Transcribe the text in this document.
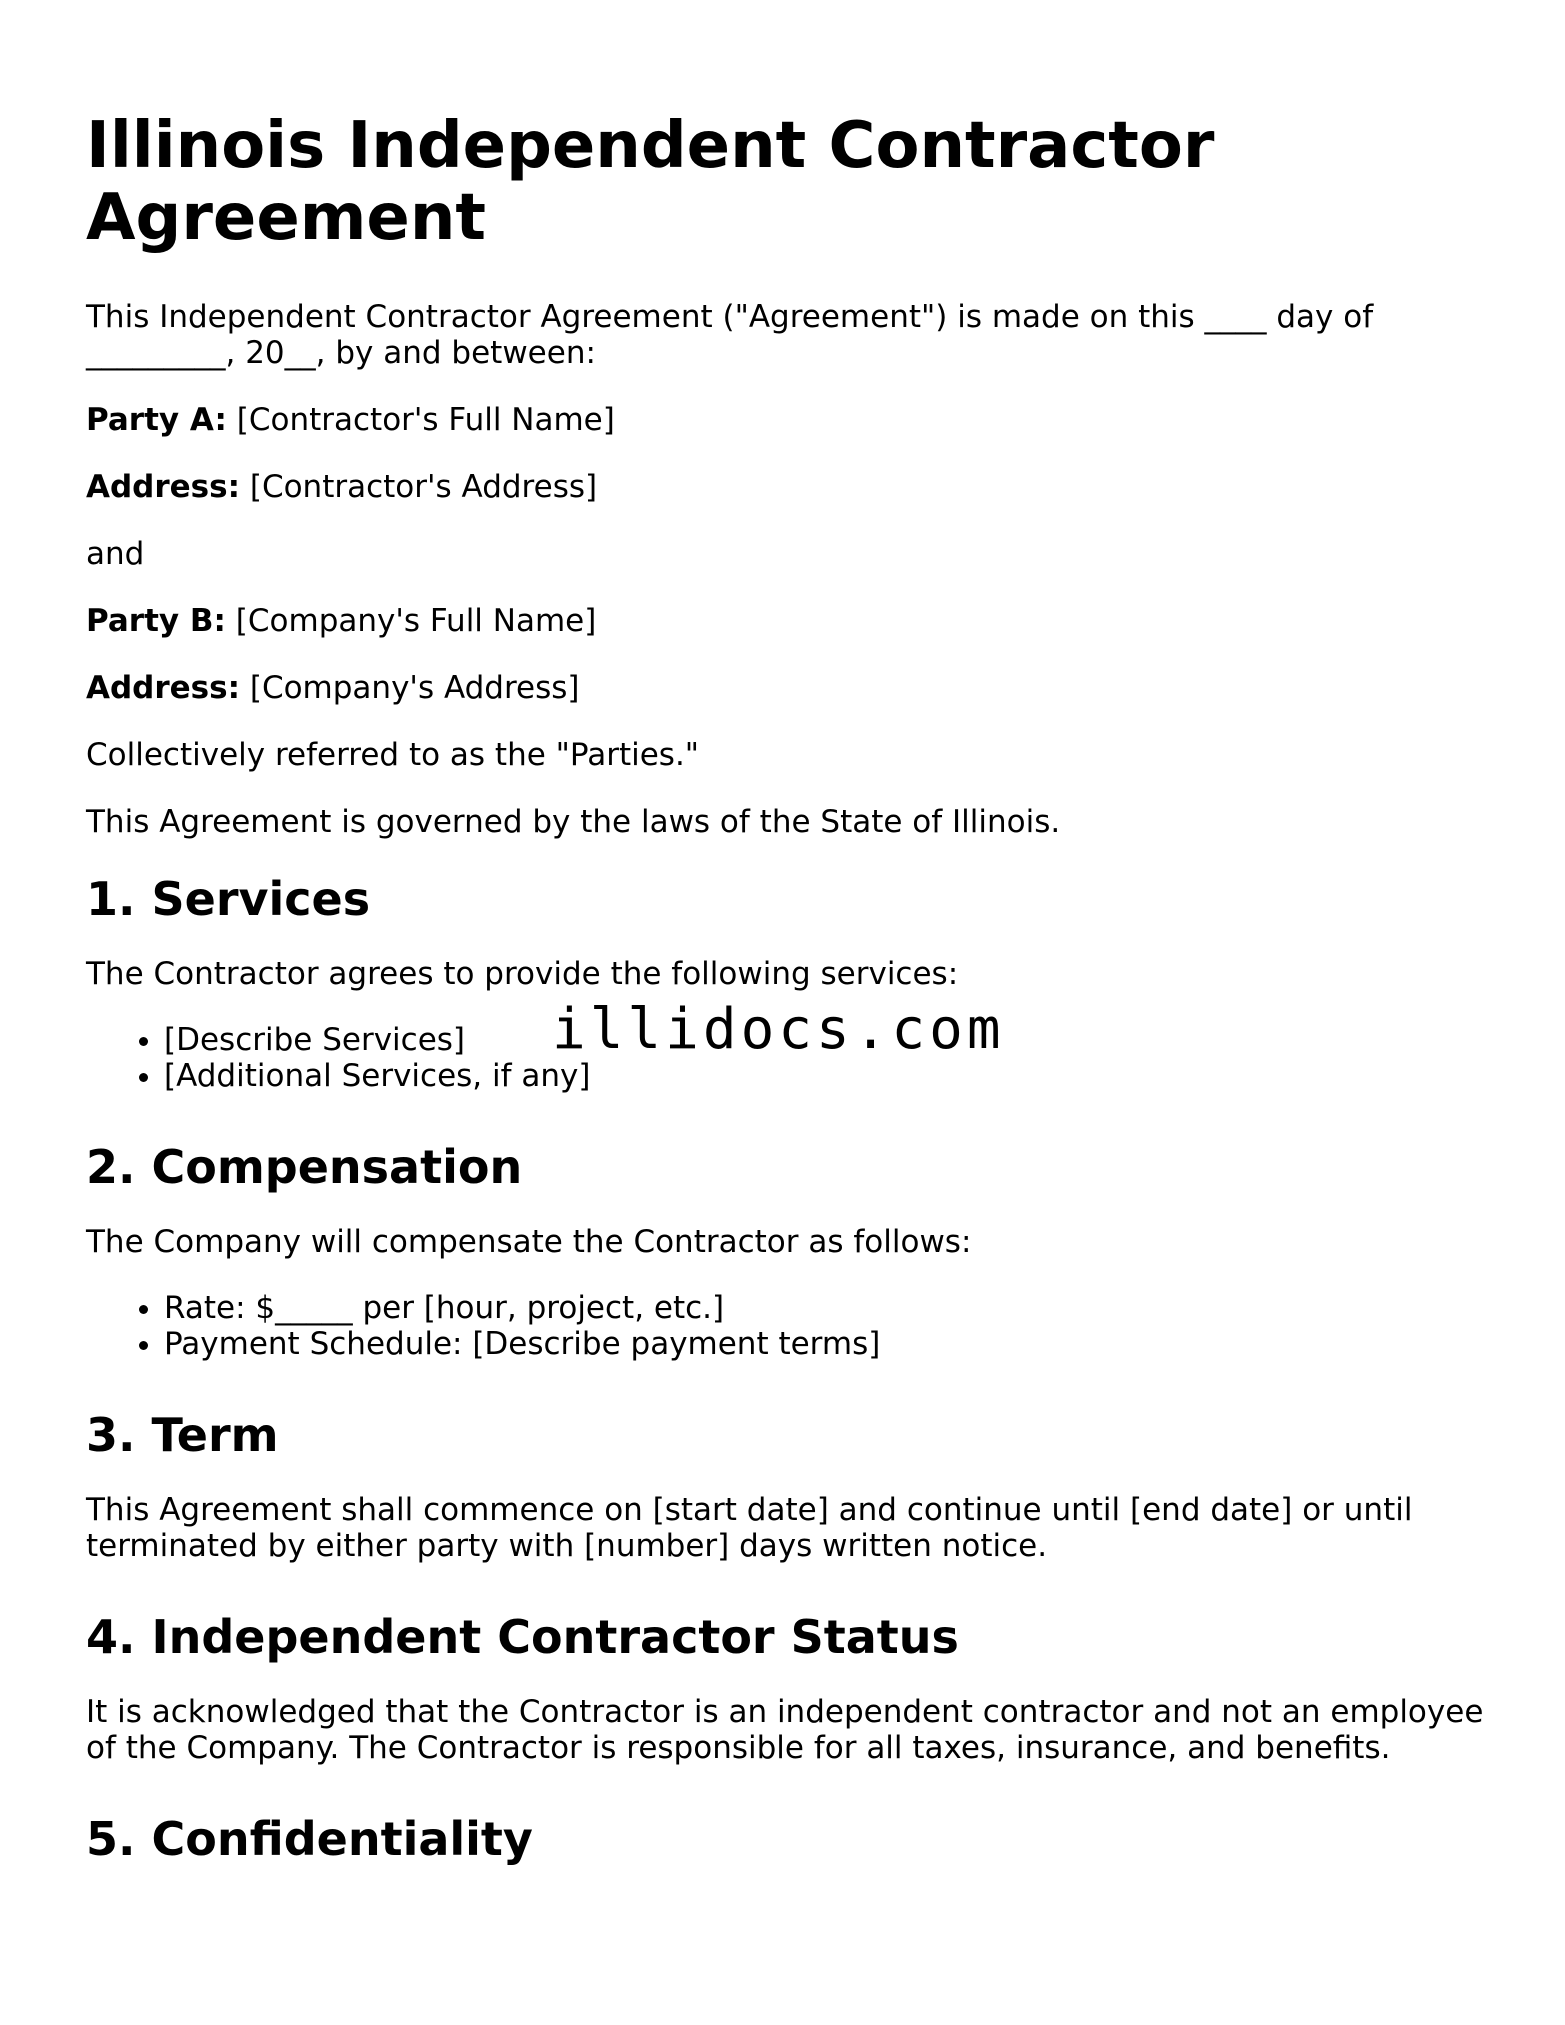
Illinois Independent Contractor Agreement

This Independent Contractor Agreement ("Agreement") is made on this ____ day of _________, 20__, by and between:

Party A: [Contractor's Full Name]

Address: [Contractor's Address]

and

Party B: [Company's Full Name]

Address: [Company's Address]

Collectively referred to as the "Parties."

This Agreement is governed by the laws of the State of Illinois.

1. Services

The Contractor agrees to provide the following services:

• [Describe Services]
• [Additional Services, if any]
2. Compensation

The Company will compensate the Contractor as follows:

• Rate: $_____ per [hour, project, etc.]
• Payment Schedule: [Describe payment terms]
3. Term

This Agreement shall commence on [start date] and continue until [end date] or until terminated by either party with [number] days written notice.

4. Independent Contractor Status

It is acknowledged that the Contractor is an independent contractor and not an employee of the Company. The Contractor is responsible for all taxes, insurance, and benefits.

5. Confidentiality
illidocs.com
